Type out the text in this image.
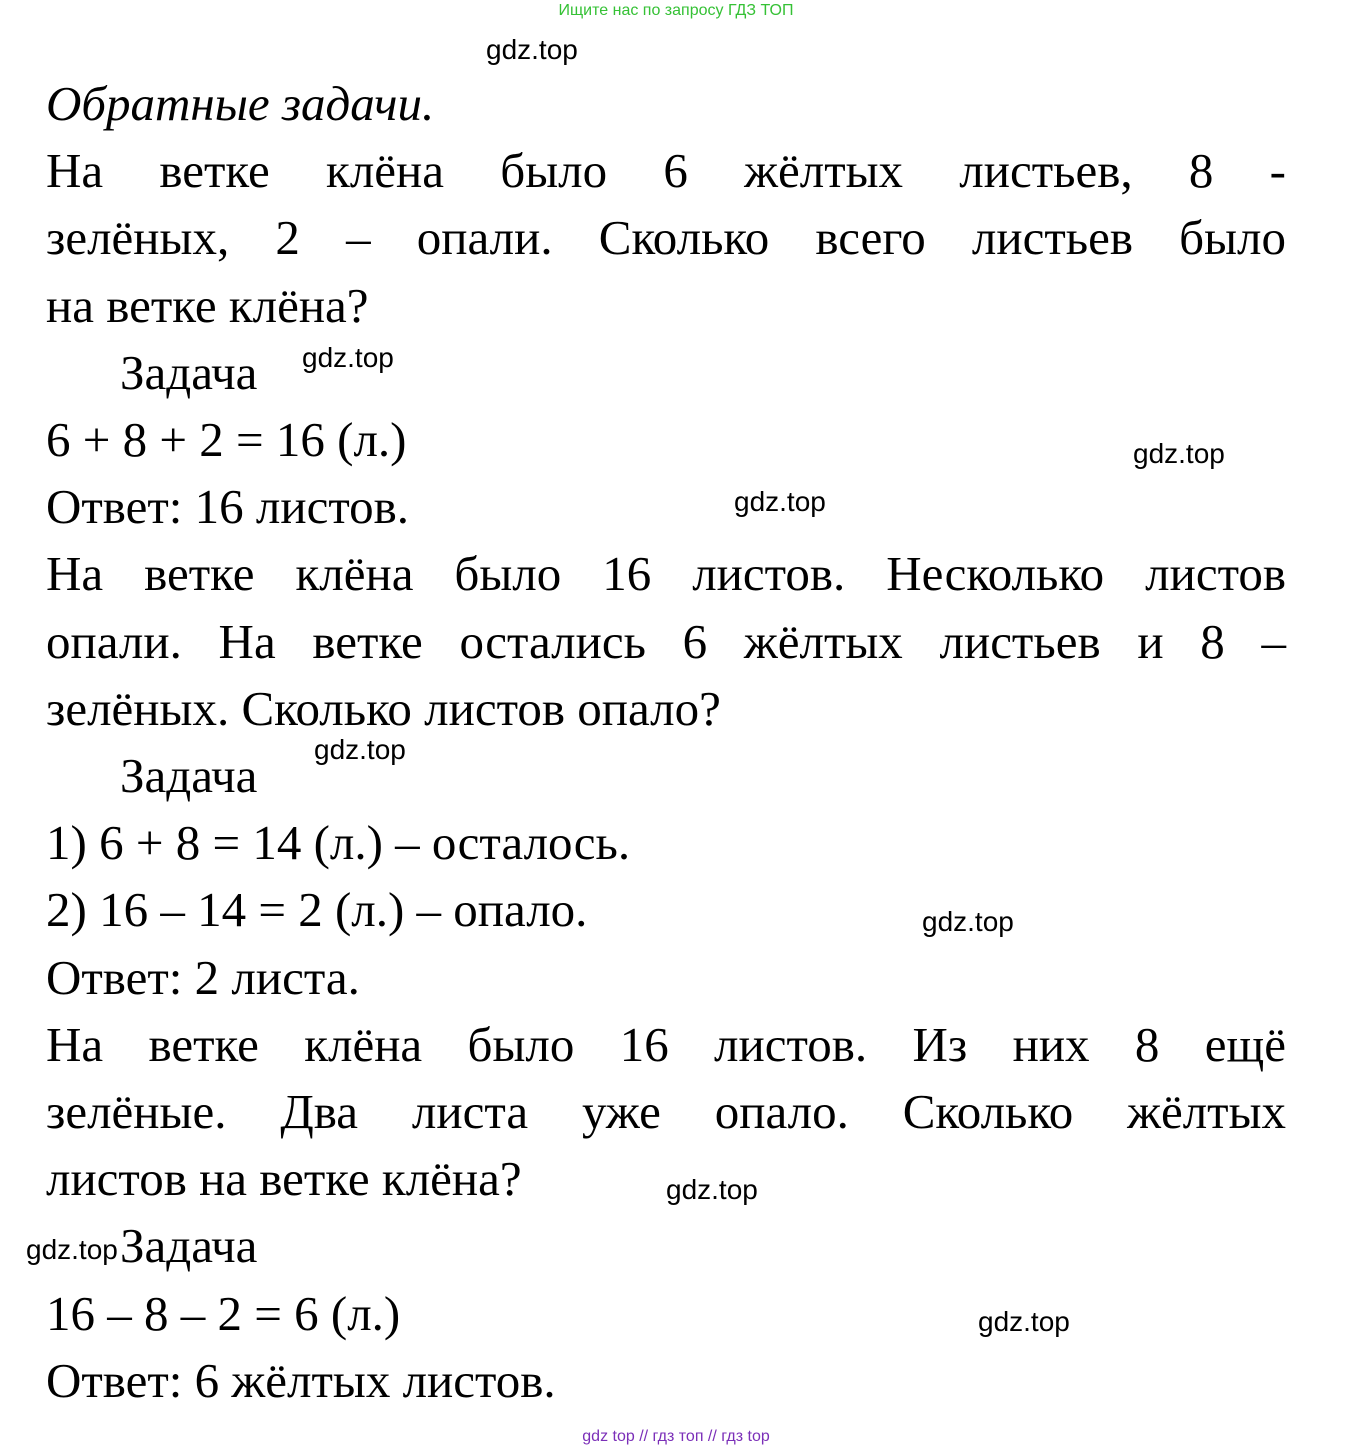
Ищите нас по запросу ГДЗ ТОП
Обратные задачи.
На ветке клёна было 6 жёлтых листьев, 8 -
зелёных, 2 – опали. Сколько всего листьев было
на ветке клёна?
Задача
6 + 8 + 2 = 16 (л.)
Ответ: 16 листов.
На ветке клёна было 16 листов. Несколько листов
опали. На ветке остались 6 жёлтых листьев и 8 –
зелёных. Сколько листов опало?
Задача
1) 6 + 8 = 14 (л.) – осталось.
2) 16 – 14 = 2 (л.) – опало.
Ответ: 2 листа.
На ветке клёна было 16 листов. Из них 8 ещё
зелёные. Два листа уже опало. Сколько жёлтых
листов на ветке клёна?
Задача
16 – 8 – 2 = 6 (л.)
Ответ: 6 жёлтых листов.
gdz.top
gdz.top
gdz.top
gdz.top
gdz.top
gdz.top
gdz.top
gdz.top
gdz.top
gdz top // гдз топ // гдз top
